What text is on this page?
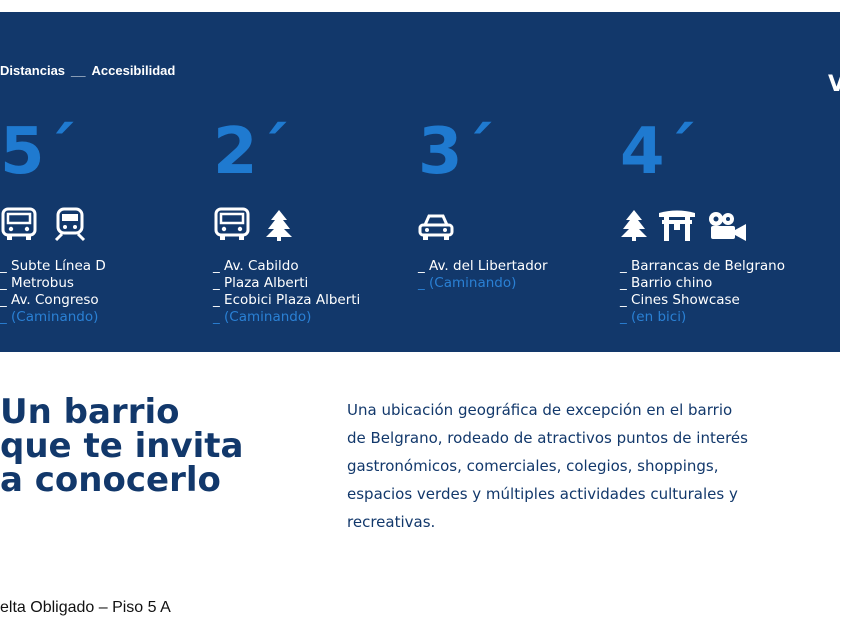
Distancias __ Accesibilidad
V
5´
_ Subte Línea D
_ Metrobus
_ Av. Congreso
_ (Caminando)
2´
_ Av. Cabildo
_ Plaza Alberti
_ Ecobici Plaza Alberti
_ (Caminando)
3´
_ Av. del Libertador
_ (Caminando)
4´
_ Barrancas de Belgrano
_ Barrio chino
_ Cines Showcase
_ (en bici)
Un barrio
que te invita
a conocerlo
Una ubicación geográfica de excepción en el barrio
de Belgrano, rodeado de atractivos puntos de interés
gastronómicos, comerciales, colegios, shoppings,
espacios verdes y múltiples actividades culturales y
recreativas.
elta Obligado – Piso 5 A
